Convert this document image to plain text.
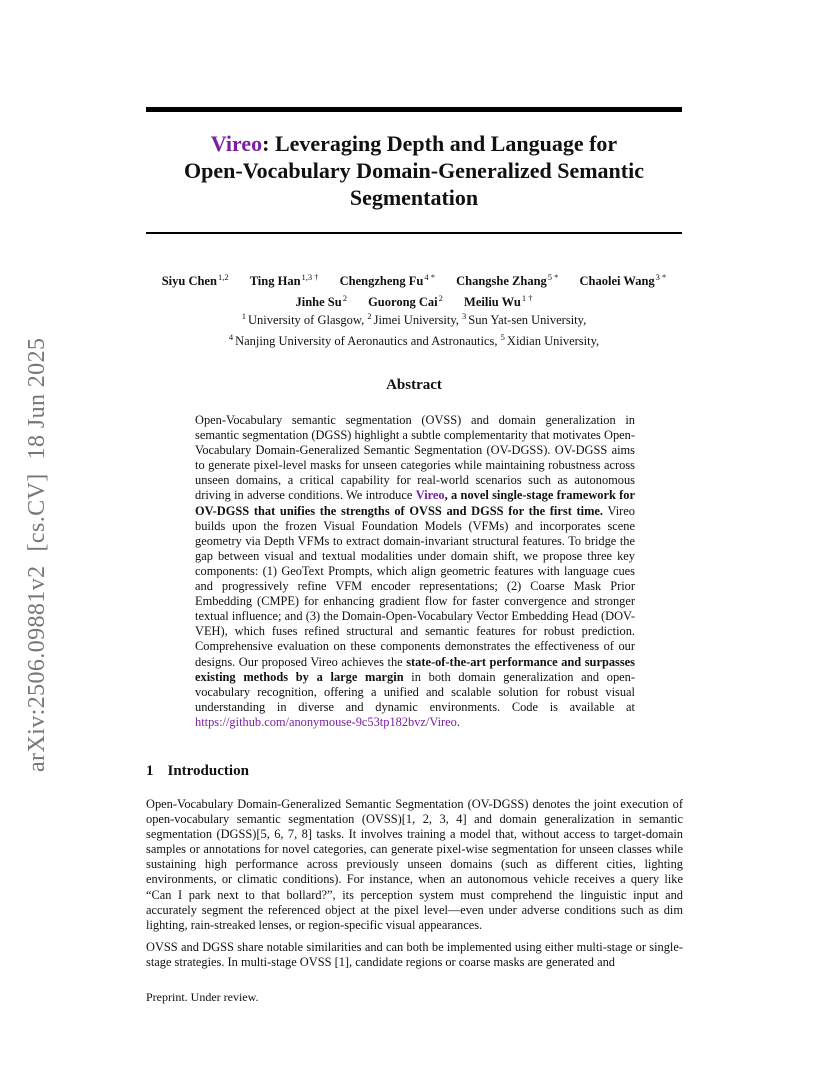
arXiv:2506.09881v2[cs.CV]18 Jun 2025
Vireo: Leveraging Depth and Language for
Open-Vocabulary Domain-Generalized Semantic
Segmentation
Siyu Chen$^{1,2}$ Ting Han$^{1,3 \dagger}$ Chengzheng $Fu^{4 *}$ Changshe Zhang$^{5 *}$ Chaolei Wang$^{3 *}$
Jinhe Su$^2$ Guorong Cai$^2$ Meiliu $Wu^{1 \dagger}$
$^1$ University of Glasgow, $^2$ Jimei University, $^3$ Sun Yat-sen University,
$^4$ Nanjing University of Aeronautics and Astronautics, $^5$ Xidian University,
Abstract

Open-Vocabulary semantic segmentation (OVSS) and domain generalization in semantic segmentation (DGSS) highlight a subtle complementarity that motivates Open-Vocabulary Domain-Generalized Semantic Segmentation (OV-DGSS). OV-DGSS aims to generate pixel-level masks for unseen categories while maintaining robustness across unseen domains, a critical capability for real-world scenarios such as autonomous driving in adverse conditions. We introduce Vireo, a novel single-stage framework for OV-DGSS that unifies the strengths of OVSS and DGSS for the first time. Vireo builds upon the frozen Visual Foundation Models (VFMs) and incorporates scene geometry via Depth VFMs to extract domain-invariant structural features. To bridge the gap between visual and textual modalities under domain shift, we propose three key components: (1) GeoText Prompts, which align geometric features with language cues and progressively refine VFM encoder representations; (2) Coarse Mask Prior Embedding (CMPE) for enhancing gradient flow for faster convergence and stronger textual influence; and (3) the Domain-Open-Vocabulary Vector Embedding Head (DOV-VEH), which fuses refined structural and semantic features for robust prediction. Comprehensive evaluation on these components demonstrates the effectiveness of our designs. Our proposed Vireo achieves the state-of-the-art performance and surpasses existing methods by a large margin in both domain generalization and open-vocabulary recognition, offering a unified and scalable solution for robust visual understanding in diverse and dynamic environments. Code is available at https://github.com/anonymouse-9c53tp182bvz/Vireo.

1 Introduction

Open-Vocabulary Domain-Generalized Semantic Segmentation (OV-DGSS) denotes the joint execution of open-vocabulary semantic segmentation (OVSS)[1, 2, 3, 4] and domain generalization in semantic segmentation (DGSS)[5, 6, 7, 8] tasks. It involves training a model that, without access to target-domain samples or annotations for novel categories, can generate pixel-wise segmentation for unseen classes while sustaining high performance across previously unseen domains (such as different cities, lighting environments, or climatic conditions). For instance, when an autonomous vehicle receives a query like “Can I park next to that bollard?”, its perception system must comprehend the linguistic input and accurately segment the referenced object at the pixel level—even under adverse conditions such as dim lighting, rain-streaked lenses, or region-specific visual appearances.

OVSS and DGSS share notable similarities and can both be implemented using either multi-stage or single-stage strategies. In multi-stage OVSS [1], candidate regions or coarse masks are generated and

Preprint. Under review.
